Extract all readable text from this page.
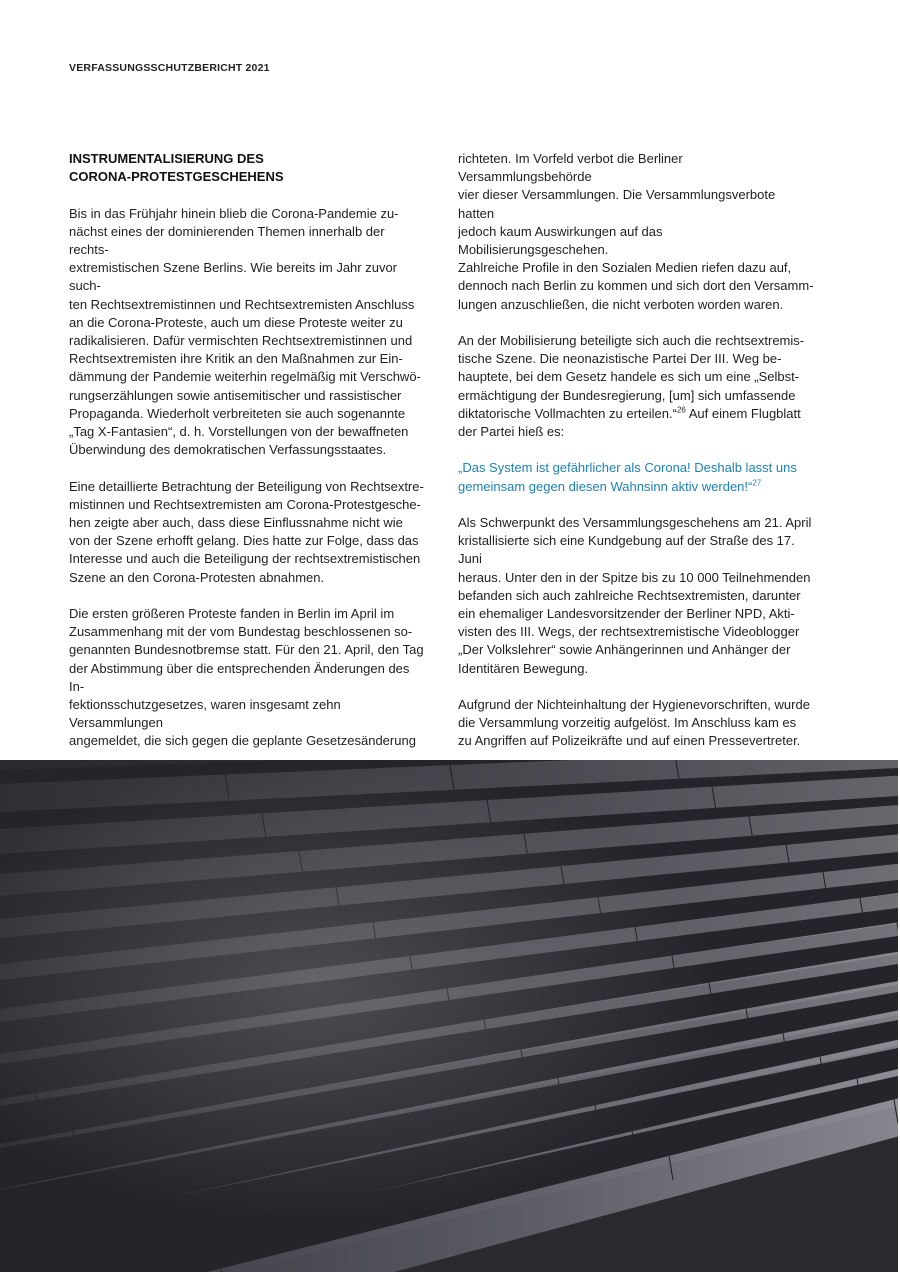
VERFASSUNGSSCHUTZBERICHT 2021
INSTRUMENTALISIERUNG DES
CORONA-PROTESTGESCHEHENS

Bis in das Frühjahr hinein blieb die Corona-Pandemie zu-
nächst eines der dominierenden Themen innerhalb der rechts-
extremistischen Szene Berlins. Wie bereits im Jahr zuvor such-
ten Rechtsextremistinnen und Rechtsextremisten Anschluss
an die Corona-Proteste, auch um diese Proteste weiter zu
radikalisieren. Dafür vermischten Rechtsextremistinnen und
Rechtsextremisten ihre Kritik an den Maßnahmen zur Ein-
dämmung der Pandemie weiterhin regelmäßig mit Verschwö-
rungserzählungen sowie antisemitischer und rassistischer
Propaganda. Wiederholt verbreiteten sie auch sogenannte
„Tag X-Fantasien“, d. h. Vorstellungen von der bewaffneten
Überwindung des demokratischen Verfassungsstaates.

Eine detaillierte Betrachtung der Beteiligung von Rechtsextre-
mistinnen und Rechtsextremisten am Corona-Protestgesche-
hen zeigte aber auch, dass diese Einflussnahme nicht wie
von der Szene erhofft gelang. Dies hatte zur Folge, dass das
Interesse und auch die Beteiligung der rechtsextremistischen
Szene an den Corona-Protesten abnahmen.

Die ersten größeren Proteste fanden in Berlin im April im
Zusammenhang mit der vom Bundestag beschlossenen so-
genannten Bundesnotbremse statt. Für den 21. April, den Tag
der Abstimmung über die entsprechenden Änderungen des In-
fektionsschutzgesetzes, waren insgesamt zehn Versammlungen
angemeldet, die sich gegen die geplante Gesetzesänderung

richteten. Im Vorfeld verbot die Berliner Versammlungsbehörde
vier dieser Versammlungen. Die Versammlungsverbote hatten
jedoch kaum Auswirkungen auf das Mobilisierungsgeschehen.
Zahlreiche Profile in den Sozialen Medien riefen dazu auf,
dennoch nach Berlin zu kommen und sich dort den Versamm-
lungen anzuschließen, die nicht verboten worden waren.

An der Mobilisierung beteiligte sich auch die rechtsextremis-
tische Szene. Die neonazistische Partei Der III. Weg be-
hauptete, bei dem Gesetz handele es sich um eine „Selbst-
ermächtigung der Bundesregierung, [um] sich umfassende
diktatorische Vollmachten zu erteilen.“$^{26}$ Auf einem Flugblatt
der Partei hieß es:

„Das System ist gefährlicher als Corona! Deshalb lasst uns
gemeinsam gegen diesen Wahnsinn aktiv werden!“$^{27}$

Als Schwerpunkt des Versammlungsgeschehens am 21. April
kristallisierte sich eine Kundgebung auf der Straße des 17. Juni
heraus. Unter den in der Spitze bis zu 10 000 Teilnehmenden
befanden sich auch zahlreiche Rechtsextremisten, darunter
ein ehemaliger Landesvorsitzender der Berliner NPD, Akti-
visten des III. Wegs, der rechtsextremistische Videoblogger
„Der Volkslehrer“ sowie Anhängerinnen und Anhänger der
Identitären Bewegung.

Aufgrund der Nichteinhaltung der Hygienevorschriften, wurde
die Versammlung vorzeitig aufgelöst. Im Anschluss kam es
zu Angriffen auf Polizeikräfte und auf einen Pressevertreter.
